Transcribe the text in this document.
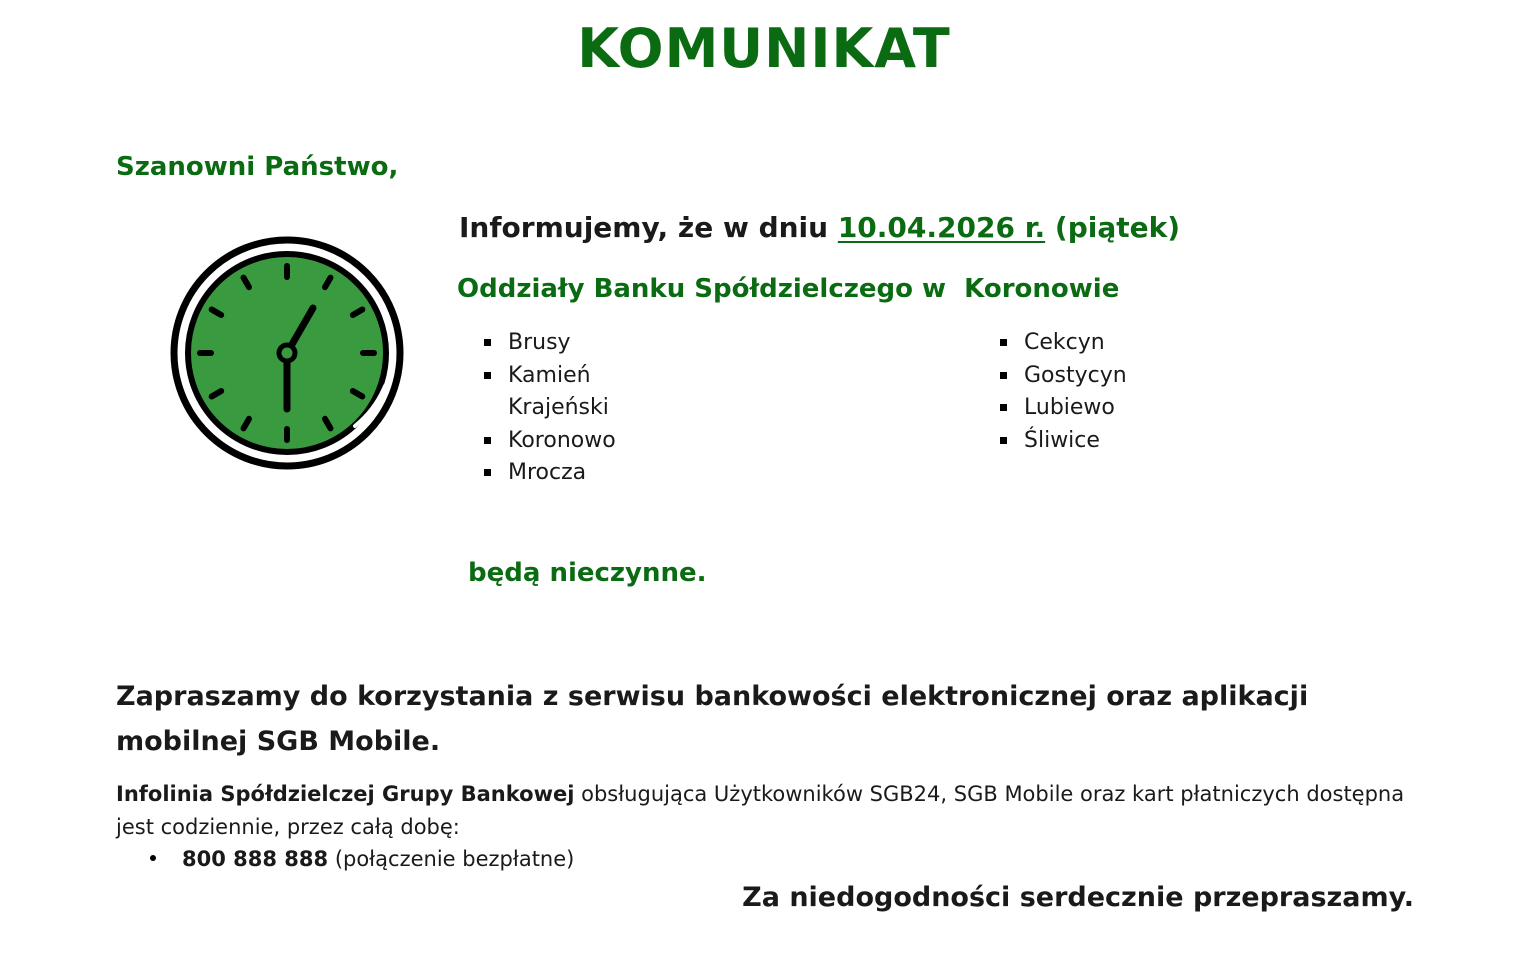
KOMUNIKAT
Szanowni Państwo,
Informujemy, że w dniu 10.04.2026 r. (piątek)
Oddziały Banku Spółdzielczego w  Koronowie
Brusy
Kamień Krajeński
Koronowo
Mrocza
Cekcyn
Gostycyn
Lubiewo
Śliwice
będą nieczynne.
Zapraszamy do korzystania z serwisu bankowości elektronicznej oraz aplikacji mobilnej SGB Mobile.
Infolinia Spółdzielczej Grupy Bankowej obsługująca Użytkowników SGB24, SGB Mobile oraz kart płatniczych dostępna jest codziennie, przez całą dobę:
800 888 888 (połączenie bezpłatne)
Za niedogodności serdecznie przepraszamy.
